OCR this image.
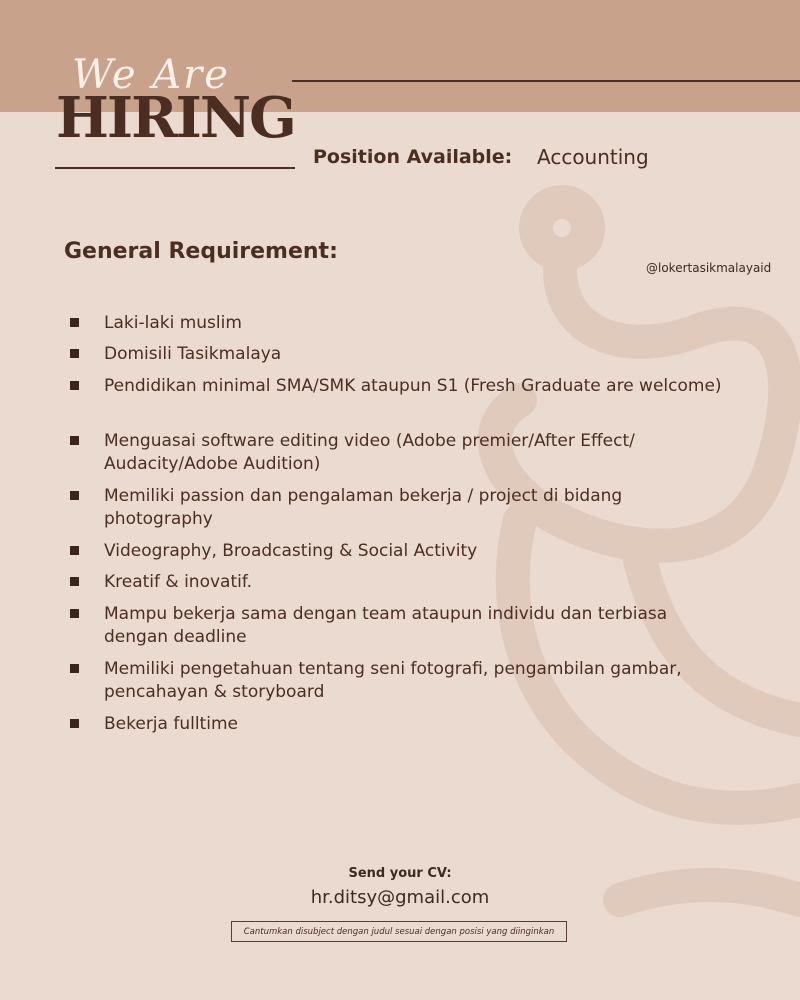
We Are
HIRING
Position Available: Accounting
General Requirement:
@lokertasikmalayaid
Laki-laki muslim
Domisili Tasikmalaya
Pendidikan minimal SMA/SMK ataupun S1 (Fresh Graduate are welcome)
Menguasai software editing video (Adobe premier/After Effect/ Audacity/Adobe Audition)
Memiliki passion dan pengalaman bekerja / project di bidang photography
Videography, Broadcasting & Social Activity
Kreatif & inovatif.
Mampu bekerja sama dengan team ataupun individu dan terbiasa dengan deadline
Memiliki pengetahuan tentang seni fotografi, pengambilan gambar, pencahayan & storyboard
Bekerja fulltime
Send your CV:
hr.ditsy@gmail.com
Cantumkan disubject dengan judul sesuai dengan posisi yang diinginkan
